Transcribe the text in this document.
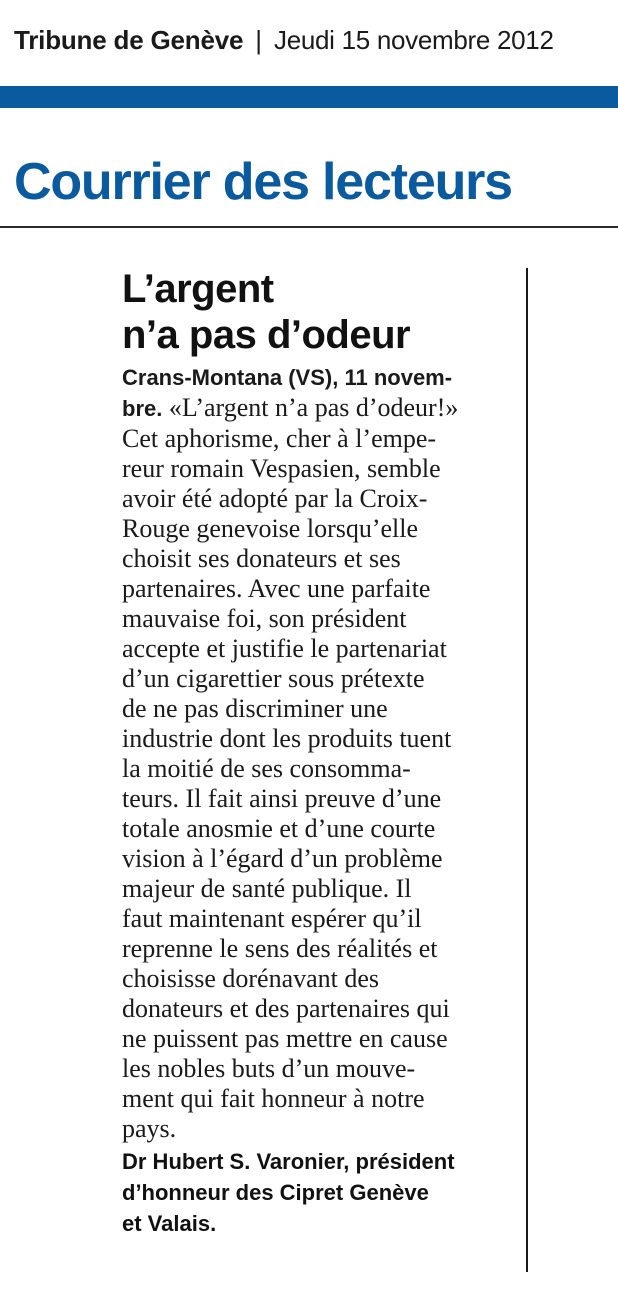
Tribune de Genève | Jeudi 15 novembre 2012
Courrier des lecteurs
L’argent
n’a pas d’odeur
Crans-Montana (VS), 11 novem-
bre. «L’argent n’a pas d’odeur!»
Cet aphorisme, cher à l’empe-
reur romain Vespasien, semble
avoir été adopté par la Croix-
Rouge genevoise lorsqu’elle
choisit ses donateurs et ses
partenaires. Avec une parfaite
mauvaise foi, son président
accepte et justifie le partenariat
d’un cigarettier sous prétexte
de ne pas discriminer une
industrie dont les produits tuent
la moitié de ses consomma-
teurs. Il fait ainsi preuve d’une
totale anosmie et d’une courte
vision à l’égard d’un problème
majeur de santé publique. Il
faut maintenant espérer qu’il
reprenne le sens des réalités et
choisisse dorénavant des
donateurs et des partenaires qui
ne puissent pas mettre en cause
les nobles buts d’un mouve-
ment qui fait honneur à notre
pays.
Dr Hubert S. Varonier, président
d’honneur des Cipret Genève
et Valais.
